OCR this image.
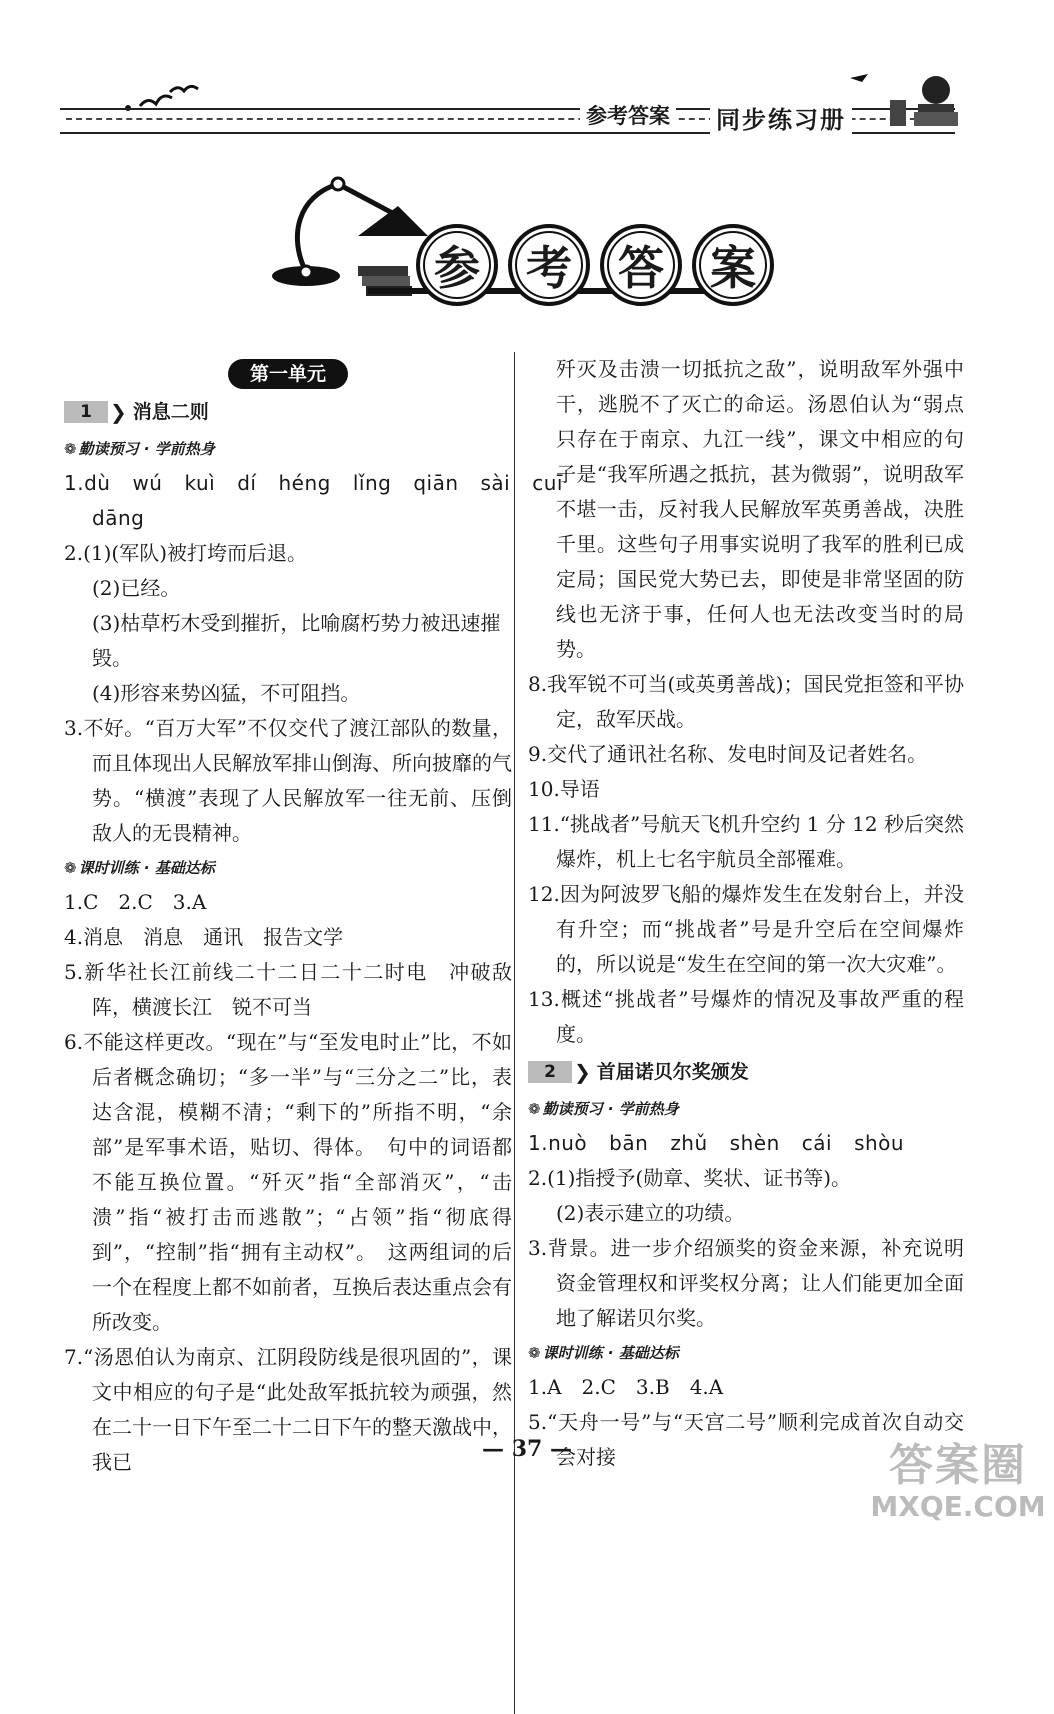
参考答案 同步练习册
参	考	答	案
第一单元
1 ❯ 消息二则
❁ 勤读预习 · 学前热身
1.dù wú kuì dí héng lǐng qiān sài cuī
dāng
2.(1)(军队)被打垮而后退。
(2)已经。
(3)枯草朽木受到摧折，比喻腐朽势力被迅速摧毁。
(4)形容来势凶猛，不可阻挡。
3.不好。“百万大军”不仅交代了渡江部队的数量，而且体现出人民解放军排山倒海、所向披靡的气势。“横渡”表现了人民解放军一往无前、压倒敌人的无畏精神。
❁ 课时训练 · 基础达标
1.C　2.C　3.A
4.消息　消息　通讯　报告文学
5.新华社长江前线二十二日二十二时电　冲破敌阵，横渡长江　锐不可当
6.不能这样更改。“现在”与“至发电时止”比，不如后者概念确切；“多一半”与“三分之二”比，表达含混，模糊不清；“剩下的”所指不明，“余部”是军事术语，贴切、得体。　句中的词语都不能互换位置。“歼灭”指“全部消灭”，“击溃”指“被打击而逃散”；“占领”指“彻底得到”，“控制”指“拥有主动权”。　这两组词的后一个在程度上都不如前者，互换后表达重点会有所改变。
7.“汤恩伯认为南京、江阴段防线是很巩固的”，课文中相应的句子是“此处敌军抵抗较为顽强，然在二十一日下午至二十二日下午的整天激战中，我已
歼灭及击溃一切抵抗之敌”，说明敌军外强中干，逃脱不了灭亡的命运。汤恩伯认为“弱点只存在于南京、九江一线”，课文中相应的句子是“我军所遇之抵抗，甚为微弱”，说明敌军不堪一击，反衬我人民解放军英勇善战，决胜千里。这些句子用事实说明了我军的胜利已成定局；国民党大势已去，即使是非常坚固的防线也无济于事，任何人也无法改变当时的局势。
8.我军锐不可当(或英勇善战)；国民党拒签和平协定，敌军厌战。
9.交代了通讯社名称、发电时间及记者姓名。
10.导语
11.“挑战者”号航天飞机升空约 1 分 12 秒后突然爆炸，机上七名宇航员全部罹难。
12.因为阿波罗飞船的爆炸发生在发射台上，并没有升空；而“挑战者”号是升空后在空间爆炸的，所以说是“发生在空间的第一次大灾难”。
13.概述“挑战者”号爆炸的情况及事故严重的程度。
2 ❯ 首届诺贝尔奖颁发
❁ 勤读预习 · 学前热身
1.nuò bān zhǔ shèn cái shòu
2.(1)指授予(勋章、奖状、证书等)。
(2)表示建立的功绩。
3.背景。进一步介绍颁奖的资金来源，补充说明资金管理权和评奖权分离；让人们能更加全面地了解诺贝尔奖。
❁ 课时训练 · 基础达标
1.A　2.C　3.B　4.A
5.“天舟一号”与“天宫二号”顺利完成首次自动交会对接
— 37 —	答案圈
MXQE.COM
